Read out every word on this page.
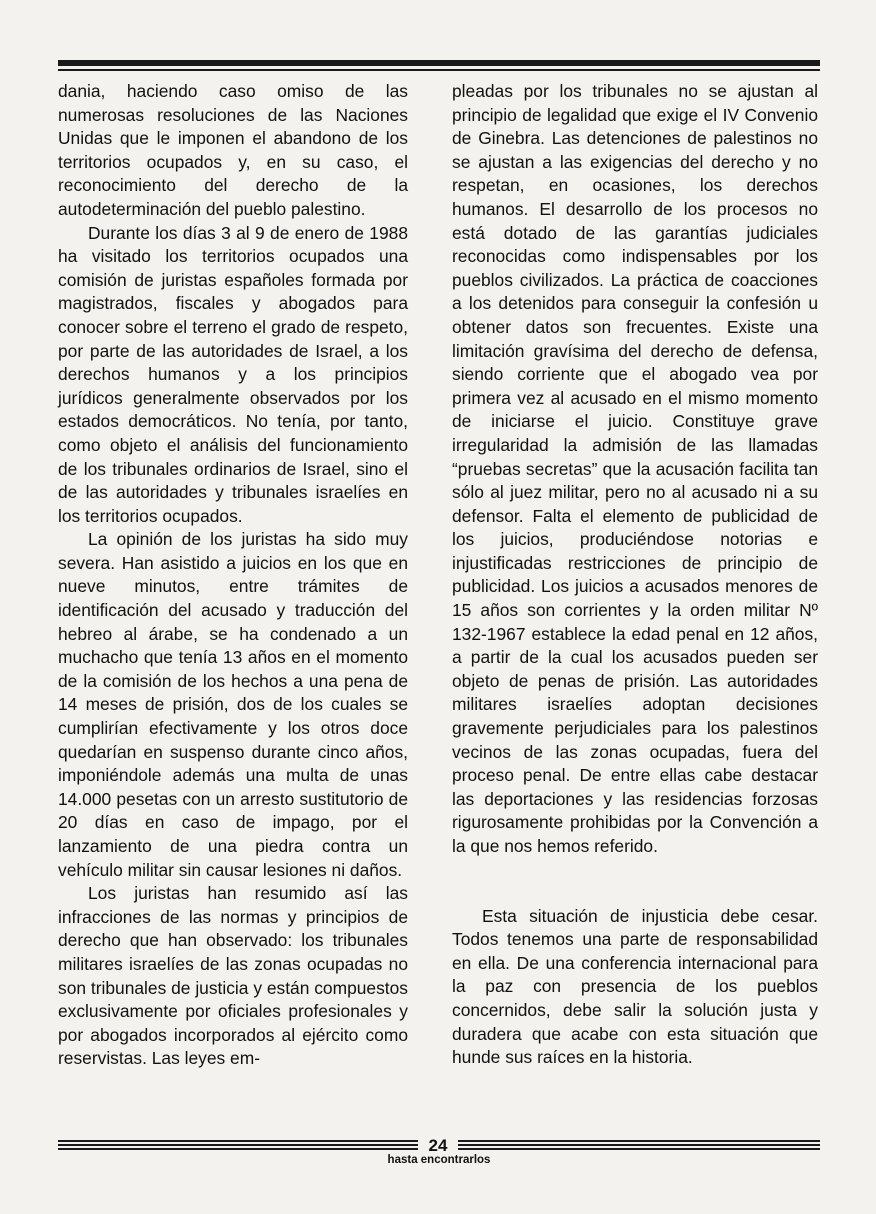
dania, haciendo caso omiso de las numerosas resoluciones de las Naciones Unidas que le imponen el abandono de los territorios ocupados y, en su caso, el reconocimiento del derecho de la autodeterminación del pueblo palestino.

Durante los días 3 al 9 de enero de 1988 ha visitado los territorios ocupados una comisión de juristas españoles formada por magistrados, fiscales y abogados para conocer sobre el terreno el grado de respeto, por parte de las autoridades de Israel, a los derechos humanos y a los principios jurídicos generalmente observados por los estados democráticos. No tenía, por tanto, como objeto el análisis del funcionamiento de los tribunales ordinarios de Israel, sino el de las autoridades y tribunales israelíes en los territorios ocupados.

La opinión de los juristas ha sido muy severa. Han asistido a juicios en los que en nueve minutos, entre trámites de identificación del acusado y traducción del hebreo al árabe, se ha condenado a un muchacho que tenía 13 años en el momento de la comisión de los hechos a una pena de 14 meses de prisión, dos de los cuales se cumplirían efectivamente y los otros doce quedarían en suspenso durante cinco años, imponiéndole además una multa de unas 14.000 pesetas con un arresto sustitutorio de 20 días en caso de impago, por el lanzamiento de una piedra contra un vehículo militar sin causar lesiones ni daños.

Los juristas han resumido así las infracciones de las normas y principios de derecho que han observado: los tribunales militares israelíes de las zonas ocupadas no son tribunales de justicia y están compuestos exclusivamente por oficiales profesionales y por abogados incorporados al ejército como reservistas. Las leyes em-

pleadas por los tribunales no se ajustan al principio de legalidad que exige el IV Convenio de Ginebra. Las detenciones de palestinos no se ajustan a las exigencias del derecho y no respetan, en ocasiones, los derechos humanos. El desarrollo de los procesos no está dotado de las garantías judiciales reconocidas como indispensables por los pueblos civilizados. La práctica de coacciones a los detenidos para conseguir la confesión u obtener datos son frecuentes. Existe una limitación gravísima del derecho de defensa, siendo corriente que el abogado vea por primera vez al acusado en el mismo momento de iniciarse el juicio. Constituye grave irregularidad la admisión de las llamadas “pruebas secretas” que la acusación facilita tan sólo al juez militar, pero no al acusado ni a su defensor. Falta el elemento de publicidad de los juicios, produciéndose notorias e injustificadas restricciones de principio de publicidad. Los juicios a acusados menores de 15 años son corrientes y la orden militar Nº 132-1967 establece la edad penal en 12 años, a partir de la cual los acusados pueden ser objeto de penas de prisión. Las autoridades militares israelíes adoptan decisiones gravemente perjudiciales para los palestinos vecinos de las zonas ocupadas, fuera del proceso penal. De entre ellas cabe destacar las deportaciones y las residencias forzosas rigurosamente prohibidas por la Convención a la que nos hemos referido.

Esta situación de injusticia debe cesar. Todos tenemos una parte de responsabilidad en ella. De una conferencia internacional para la paz con presencia de los pueblos concernidos, debe salir la solución justa y duradera que acabe con esta situación que hunde sus raíces en la historia.

24
hasta encontrarlos
